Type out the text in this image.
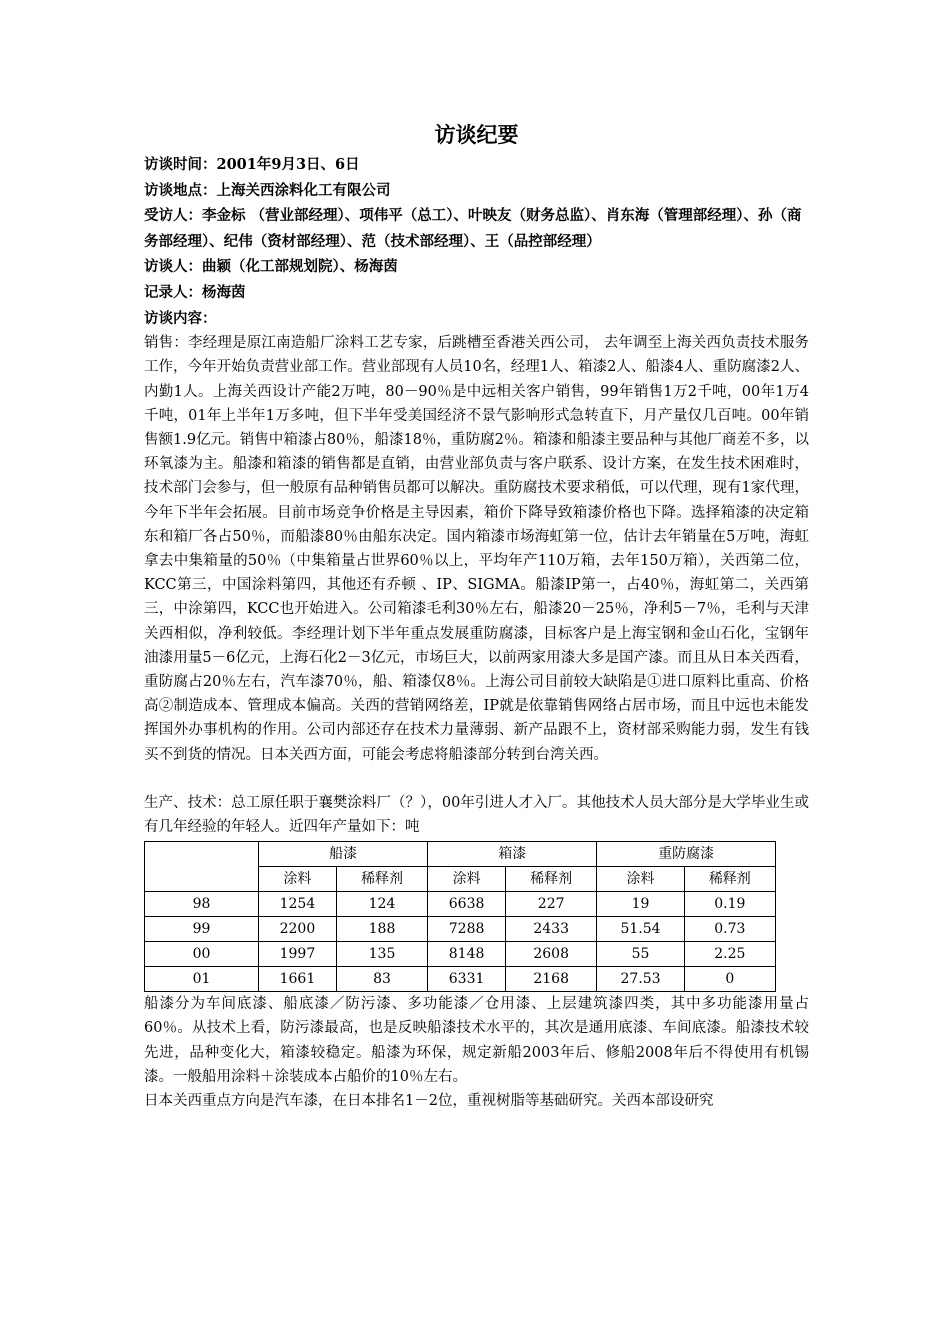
访谈纪要

访谈时间：2001年9月3日、6日

访谈地点：上海关西涂料化工有限公司

受访人：李金标 （营业部经理）、项伟平（总工）、叶映友（财务总监）、肖东海（管理部经理）、孙（商务部经理）、纪伟（资材部经理）、范（技术部经理）、王（品控部经理）

访谈人：曲颖（化工部规划院）、杨海茵

记录人：杨海茵

访谈内容：

销售：李经理是原江南造船厂涂料工艺专家，后跳槽至香港关西公司， 去年调至上海关西负责技术服务工作，今年开始负责营业部工作。营业部现有人员10名，经理1人、箱漆2人、船漆4人、重防腐漆2人、内勤1人。上海关西设计产能2万吨，80－90％是中远相关客户销售，99年销售1万2千吨，00年1万4千吨，01年上半年1万多吨，但下半年受美国经济不景气影响形式急转直下，月产量仅几百吨。00年销售额1.9亿元。销售中箱漆占80％，船漆18％，重防腐2％。箱漆和船漆主要品种与其他厂商差不多，以环氧漆为主。船漆和箱漆的销售都是直销，由营业部负责与客户联系、设计方案，在发生技术困难时，技术部门会参与，但一般原有品种销售员都可以解决。重防腐技术要求稍低，可以代理，现有1家代理，今年下半年会拓展。目前市场竞争价格是主导因素，箱价下降导致箱漆价格也下降。选择箱漆的决定箱东和箱厂各占50％，而船漆80％由船东决定。国内箱漆市场海虹第一位，估计去年销量在5万吨，海虹拿去中集箱量的50％（中集箱量占世界60％以上，平均年产110万箱，去年150万箱），关西第二位，KCC第三，中国涂料第四，其他还有乔顿 、IP、SIGMA。船漆IP第一，占40％，海虹第二，关西第三，中涂第四，KCC也开始进入。公司箱漆毛利30％左右，船漆20－25％，净利5－7％，毛利与天津关西相似，净利较低。李经理计划下半年重点发展重防腐漆，目标客户是上海宝钢和金山石化，宝钢年油漆用量5－6亿元，上海石化2－3亿元，市场巨大，以前两家用漆大多是国产漆。而且从日本关西看，重防腐占20％左右，汽车漆70％，船、箱漆仅8％。上海公司目前较大缺陷是①进口原料比重高、价格高②制造成本、管理成本偏高。关西的营销网络差，IP就是依靠销售网络占居市场，而且中远也未能发挥国外办事机构的作用。公司内部还存在技术力量薄弱、新产品跟不上，资材部采购能力弱，发生有钱买不到货的情况。日本关西方面，可能会考虑将船漆部分转到台湾关西。

生产、技术：总工原任职于襄樊涂料厂（？），00年引进人才入厂。其他技术人员大部分是大学毕业生或有几年经验的年轻人。近四年产量如下：吨

	船漆		箱漆		重防腐漆	
	涂料	稀释剂	涂料	稀释剂	涂料	稀释剂
98	1254	124	6638	227	19	0.19
99	2200	188	7288	2433	51.54	0.73
00	1997	135	8148	2608	55	2.25
01	1661	83	6331	2168	27.53	0

船漆分为车间底漆、船底漆／防污漆、多功能漆／仓用漆、上层建筑漆四类，其中多功能漆用量占60％。从技术上看，防污漆最高，也是反映船漆技术水平的，其次是通用底漆、车间底漆。船漆技术较先进，品种变化大，箱漆较稳定。船漆为环保，规定新船2003年后、修船2008年后不得使用有机锡漆。一般船用涂料＋涂装成本占船价的10％左右。

日本关西重点方向是汽车漆，在日本排名1－2位，重视树脂等基础研究。关西本部设研究
